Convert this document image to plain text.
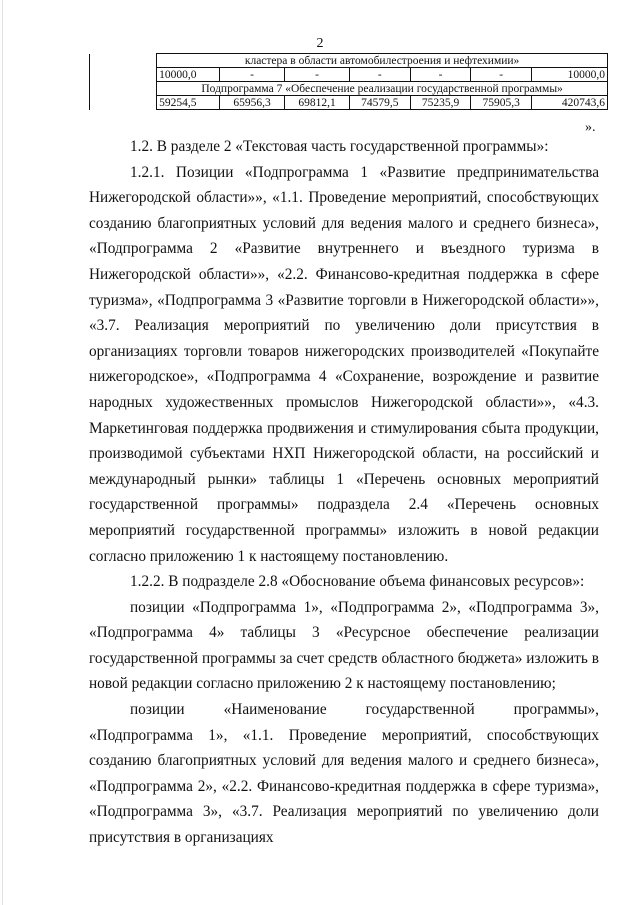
2
	кластера в области автомобилестроения и нефтехимии»						
	10000,0	-	-	-	-	-	10000,0
	Подпрограмма 7 «Обеспечение реализации государственной программы»						
	59254,5	65956,3	69812,1	74579,5	75235,9	75905,3	420743,6
».

1.2. В разделе 2 «Текстовая часть государственной программы»:

1.2.1. Позиции «Подпрограмма 1 «Развитие предпринимательства Нижегородской области»», «1.1. Проведение мероприятий, способствующих созданию благоприятных условий для ведения малого и среднего бизнеса», «Подпрограмма 2 «Развитие внутреннего и въездного туризма в Нижегородской области»», «2.2. Финансово-кредитная поддержка в сфере туризма», «Подпрограмма 3 «Развитие торговли в Нижегородской области»», «3.7. Реализация мероприятий по увеличению доли присутствия в организациях торговли товаров нижегородских производителей «Покупайте нижегородское», «Подпрограмма 4 «Сохранение, возрождение и развитие народных художественных промыслов Нижегородской области»», «4.3. Маркетинговая поддержка продвижения и стимулирования сбыта продукции, производимой субъектами НХП Нижегородской области, на российский и международный рынки» таблицы 1 «Перечень основных мероприятий государственной программы» подраздела 2.4 «Перечень основных мероприятий государственной программы» изложить в новой редакции согласно приложению 1 к настоящему постановлению.

1.2.2. В подразделе 2.8 «Обоснование объема финансовых ресурсов»:

позиции «Подпрограмма 1», «Подпрограмма 2», «Подпрограмма 3», «Подпрограмма 4» таблицы 3 «Ресурсное обеспечение реализации государственной программы за счет средств областного бюджета» изложить в новой редакции согласно приложению 2 к настоящему постановлению;

позиции «Наименование государственной программы», «Подпрограмма 1», «1.1. Проведение мероприятий, способствующих созданию благоприятных условий для ведения малого и среднего бизнеса», «Подпрограмма 2», «2.2. Финансово-кредитная поддержка в сфере туризма», «Подпрограмма 3», «3.7. Реализация мероприятий по увеличению доли присутствия в организациях
